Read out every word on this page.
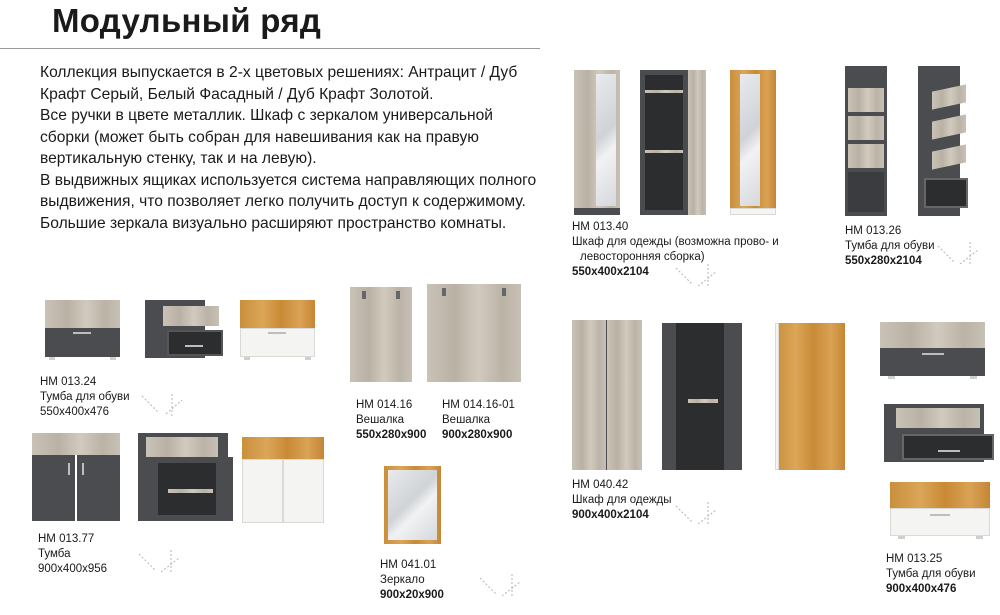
Модульный ряд

Коллекция выпускается в 2-х цветовых решениях: Антрацит / Дуб Крафт Серый, Белый Фасадный / Дуб Крафт Золотой.

Все ручки в цвете металлик. Шкаф с зеркалом универсальной сборки (может быть собран для навешивания как на правую вертикальную стенку, так и на левую).

В выдвижных ящиках используется система направляющих полного выдвижения, что позволяет легко получить доступ к содержимому. Большие зеркала визуально расширяют пространство комнаты.

НМ 013.24
Тумба для обуви
550х400х476
НМ 013.77
Тумба
900х400х956
НМ 014.16
Вешалка
550х280х900
НМ 014.16-01
Вешалка
900х280х900
НМ 041.01
Зеркало
900х20х900
НМ 013.40
Шкаф для одежды (возможна прово- и
левосторонняя сборка)
550х400х2104
НМ 040.42
Шкаф для одежды
900х400х2104
НМ 013.26
Тумба для обуви
550х280х2104
НМ 013.25
Тумба для обуви
900х400х476
